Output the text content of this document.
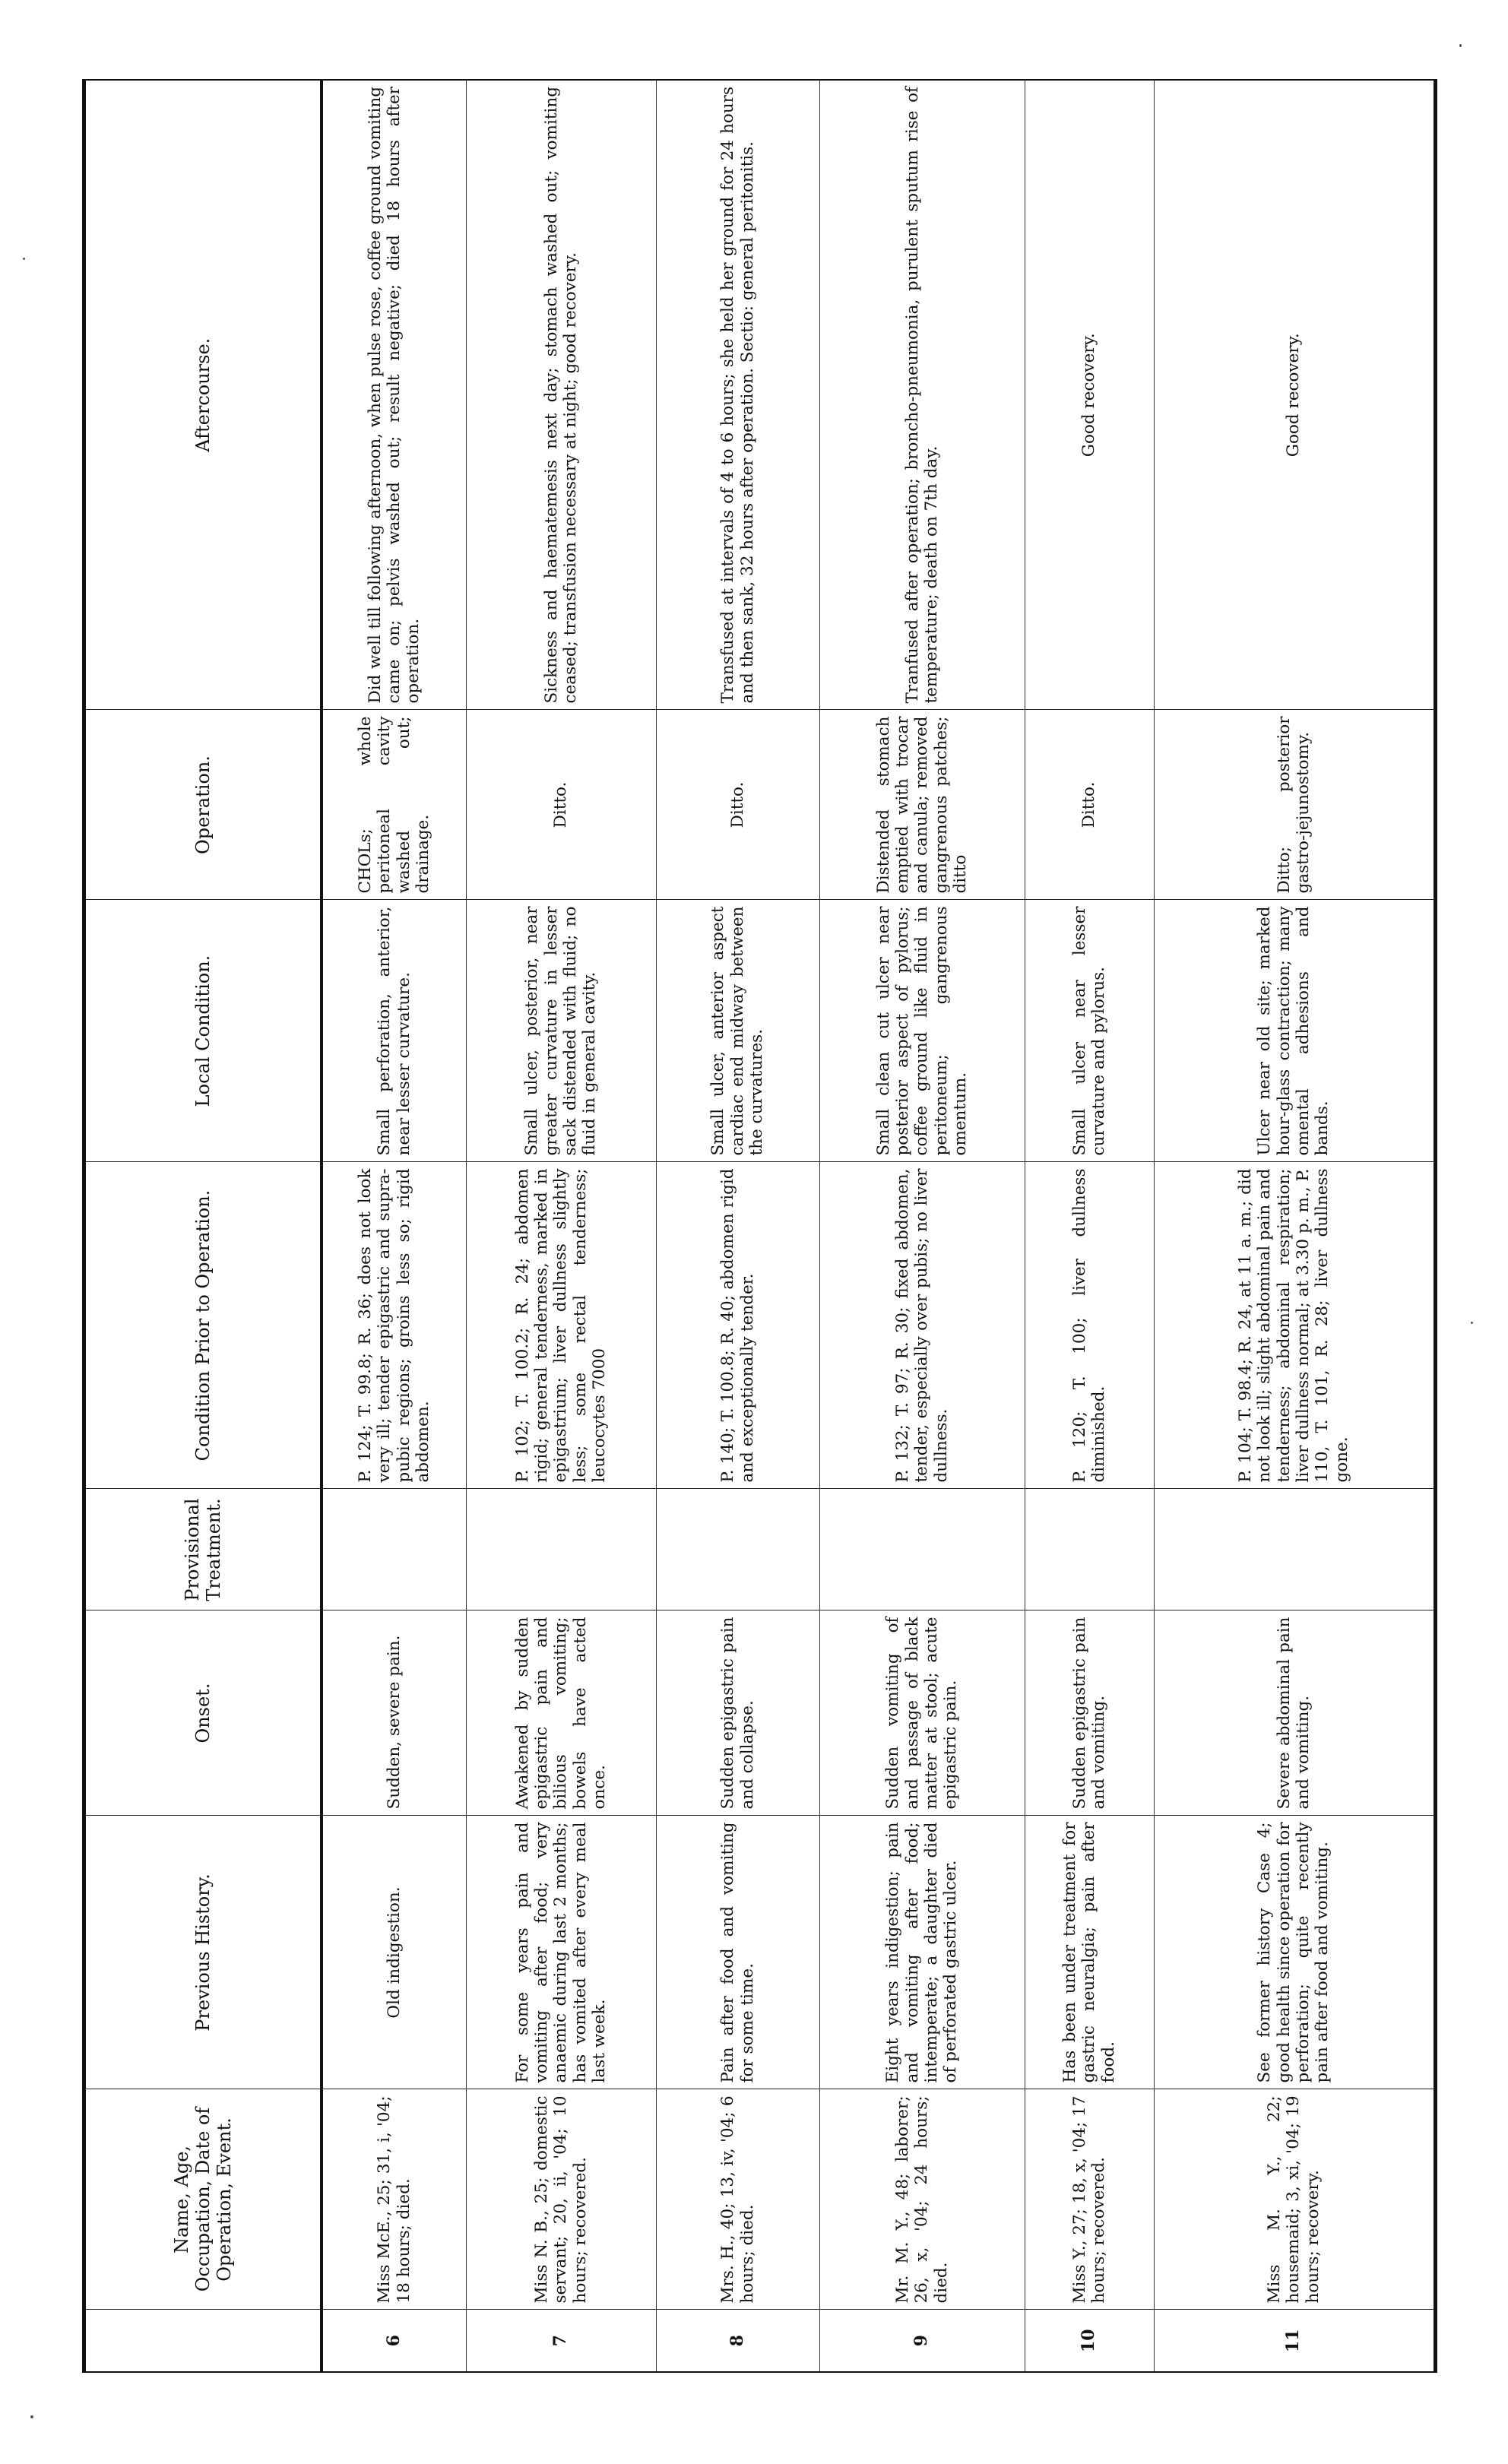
	Name, Age, Occupation, Date of Operation, Event.	Previous History.	Onset.	Provisional Treatment.	Condition Prior to Operation.	Local Condition.	Operation.	Aftercourse.
6	Miss McE., 25; 31, i, '04; 18 hours; died.	Old indigestion.	Sudden, severe pain.		P. 124; T. 99.8; R. 36; does not look very ill; tender epigastric and supra-pubic regions; groins less so; rigid abdomen.	Small perforation, anterior, near lesser curvature.	CHOLs; whole peritoneal cavity washed out; drainage.	Did well till following afternoon, when pulse rose, coffee ground vomiting came on; pelvis washed out; result negative; died 18 hours after operation.
7	Miss N. B., 25; domestic servant; 20, ii, '04; 10 hours; recovered.	For some years pain and vomiting after food; very anaemic during last 2 months; has vomited after every meal last week.	Awakened by sudden epigastric pain and bilious vomiting; bowels have acted once.		P. 102; T. 100.2; R. 24; abdomen rigid; general tenderness, marked in epigastrium; liver dullness slightly less; some rectal tenderness; leucocytes 7000	Small ulcer, posterior, near greater curvature in lesser sack distended with fluid; no fluid in general cavity.	Ditto.	Sickness and haematemesis next day; stomach washed out; vomiting ceased; transfusion necessary at night; good recovery.
8	Mrs. H., 40; 13, iv, '04; 6 hours; died.	Pain after food and vomiting for some time.	Sudden epigastric pain and collapse.		P. 140; T. 100.8; R. 40; abdomen rigid and exceptionally tender.	Small ulcer, anterior aspect cardiac end midway between the curvatures.	Ditto.	Transfused at intervals of 4 to 6 hours; she held her ground for 24 hours and then sank, 32 hours after operation. Sectio: general peritonitis.
9	Mr. M. Y., 48; laborer; 26, x, '04; 24 hours; died.	Eight years indigestion; pain and vomiting after food; intemperate; a daughter died of perforated gastric ulcer.	Sudden vomiting of and passage of black matter at stool; acute epigastric pain.		P. 132; T. 97; R. 30; fixed abdomen, tender, especially over pubis; no liver dullness.	Small clean cut ulcer near posterior aspect of pylorus; coffee ground like fluid in peritoneum; gangrenous omentum.	Distended stomach emptied with trocar and canula; removed gangrenous patches; ditto	Tranfused after operation; broncho-pneumonia, purulent sputum rise of temperature; death on 7th day.
10	Miss Y., 27; 18, x, '04; 17 hours; recovered.	Has been under treatment for gastric neuralgia; pain after food.	Sudden epigastric pain and vomiting.		P. 120; T. 100; liver dullness diminished.	Small ulcer near lesser curvature and pylorus.	Ditto.	Good recovery.
11	Miss M. Y., 22; housemaid; 3, xi, '04; 19 hours; recovery.	See former history Case 4; good health since operation for perforation; quite recently pain after food and vomiting.	Severe abdominal pain and vomiting.		P. 104; T. 98.4; R. 24, at 11 a. m.; did not look ill; slight abdominal pain and tenderness; abdominal respiration; liver dullness normal; at 3.30 p. m., P. 110, T. 101, R. 28; liver dullness gone.	Ulcer near old site; marked hour-glass contraction; many omental adhesions and bands.	Ditto; posterior gastro-jejunostomy.	Good recovery.
